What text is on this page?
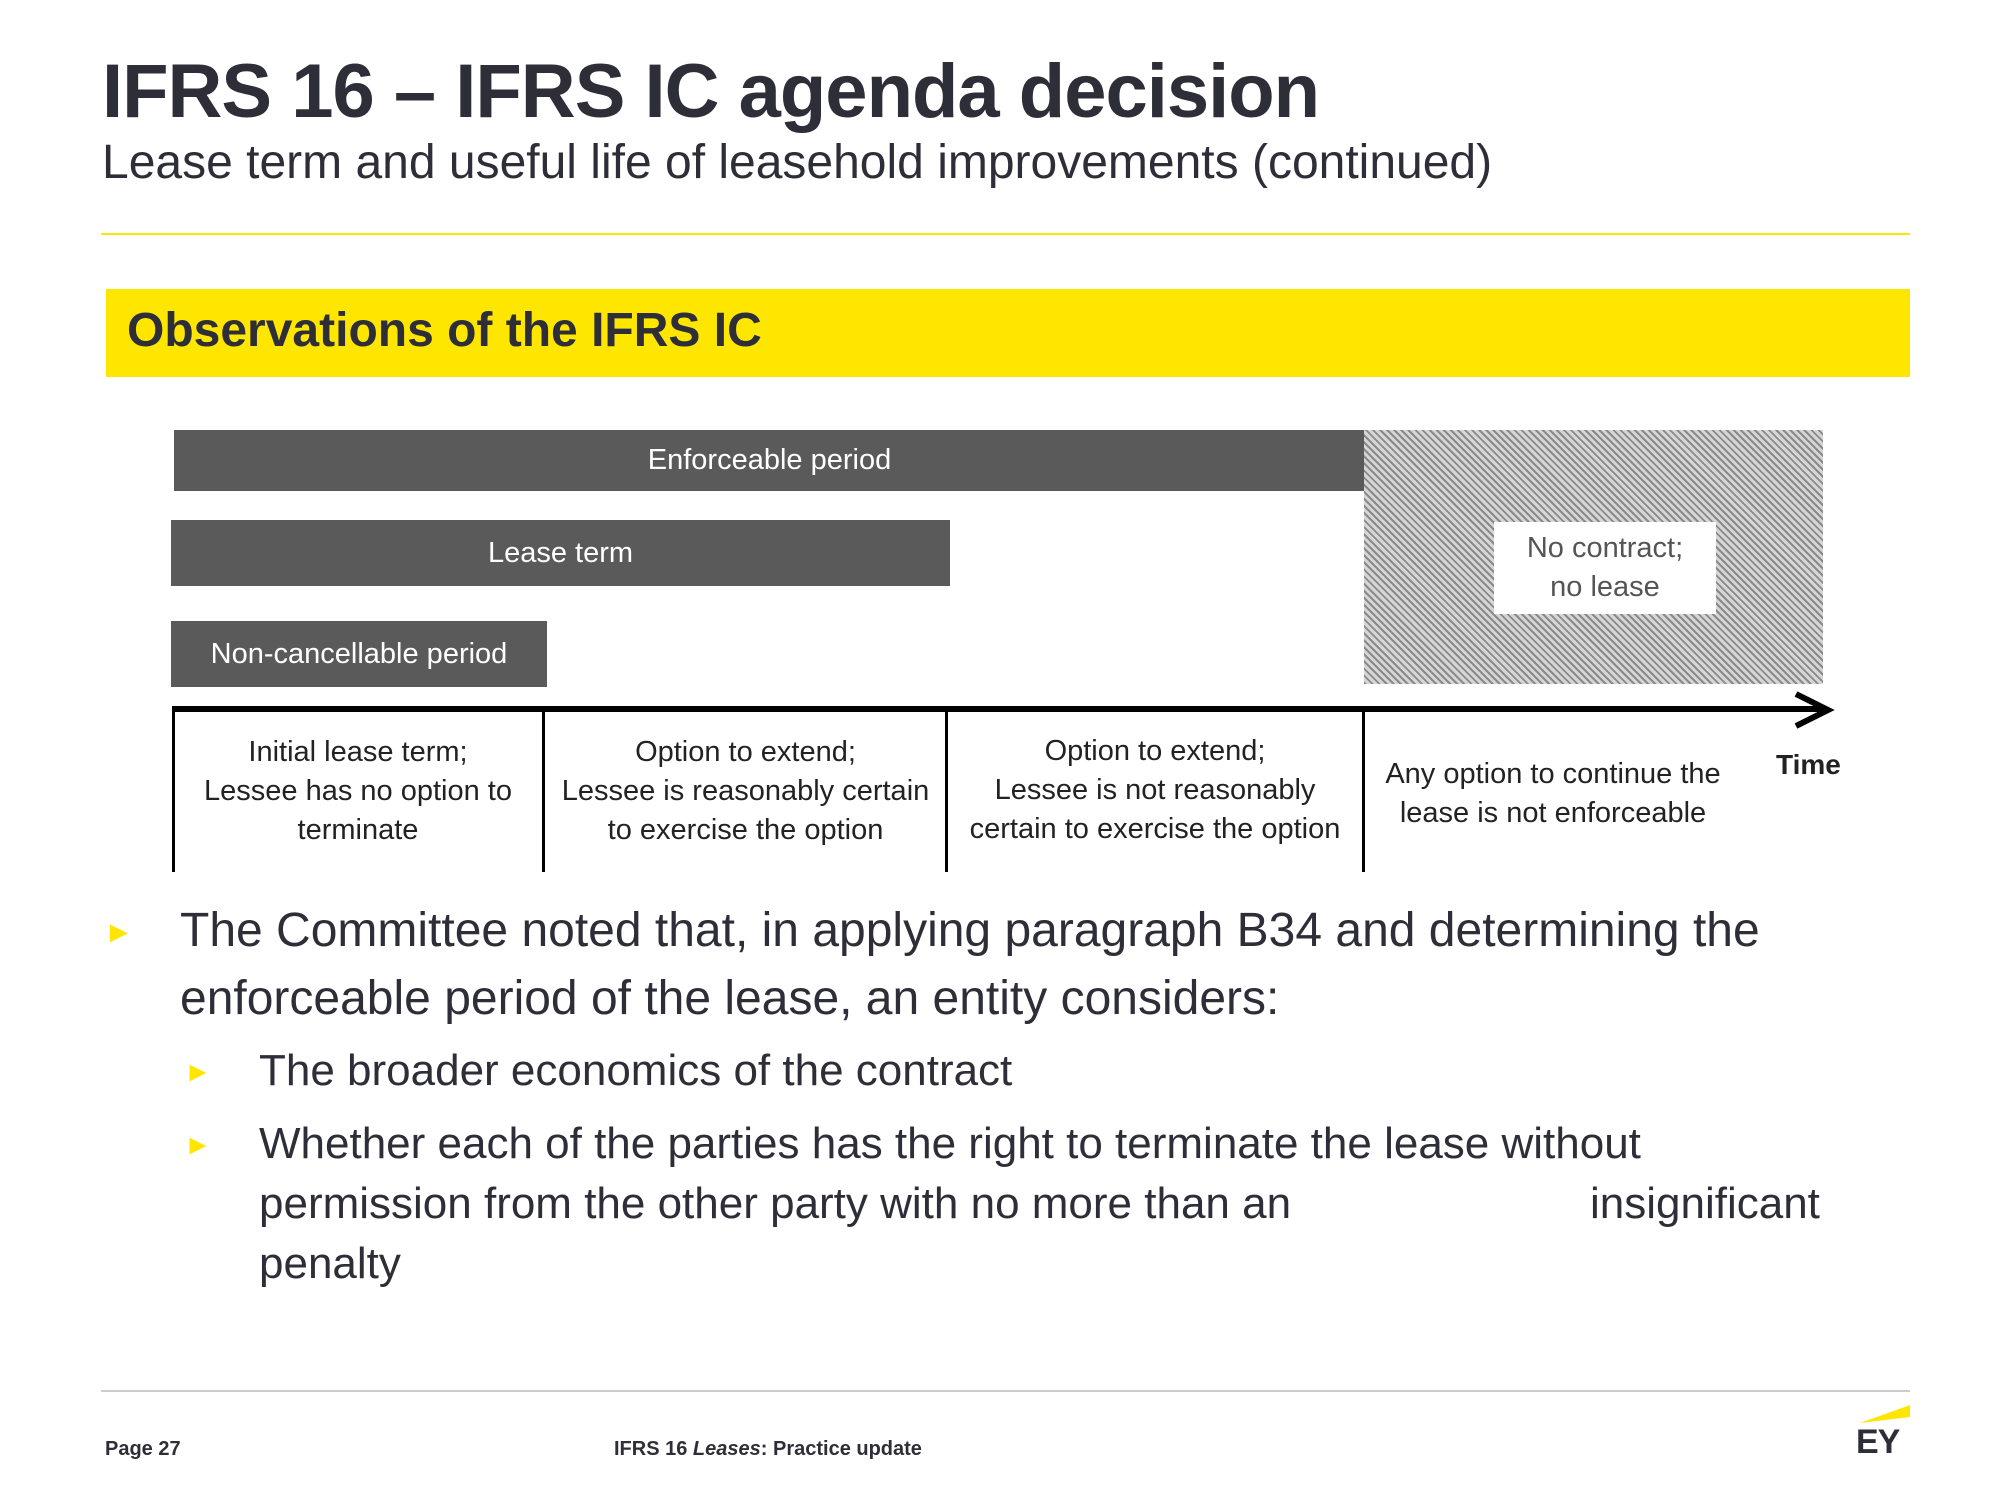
IFRS 16 – IFRS IC agenda decision
Lease term and useful life of leasehold improvements (continued)
Observations of the IFRS IC
Enforceable period
No contract;
no lease
Lease term
Non-cancellable period
Initial lease term;
Lessee has no option to
terminate
Option to extend;
Lessee is reasonably certain
to exercise the option
Option to extend;
Lessee is not reasonably
certain to exercise the option
Any option to continue the
lease is not enforceable
Time
► The Committee noted that, in applying paragraph B34 and determining the enforceable period of the lease, an entity considers:
► The broader economics of the contract
► Whether each of the parties has the right to terminate the lease without
permission from the other party with no more than an	insignificant
penalty
Page 27	IFRS 16 Leases: Practice update	EY
